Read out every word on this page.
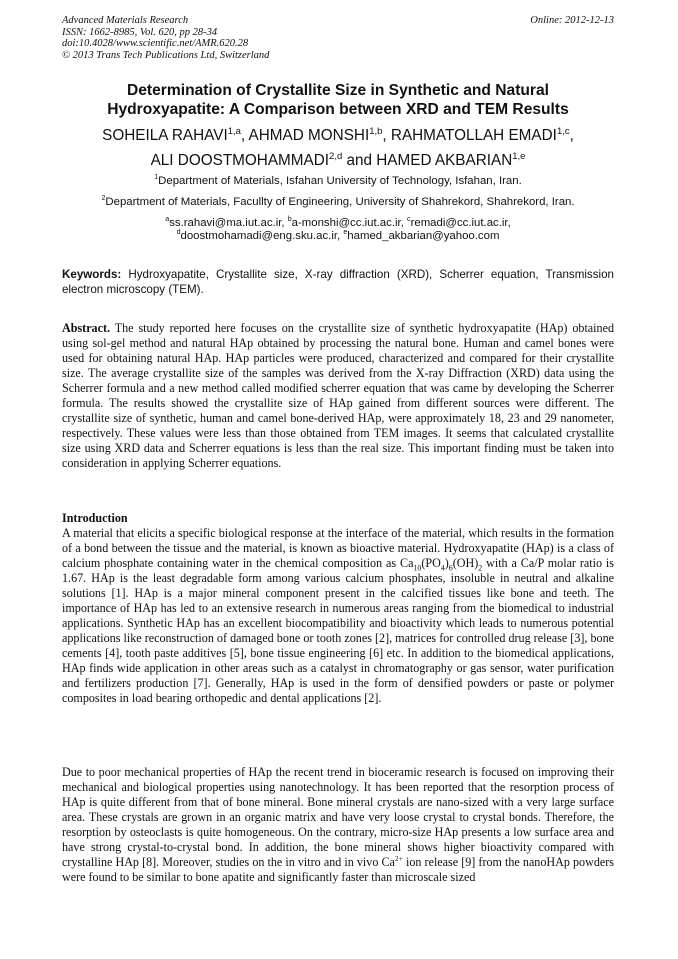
Advanced Materials Research
ISSN: 1662-8985, Vol. 620, pp 28-34
doi:10.4028/www.scientific.net/AMR.620.28
© 2013 Trans Tech Publications Ltd, Switzerland
Online: 2012-12-13
Determination of Crystallite Size in Synthetic and Natural
Hydroxyapatite: A Comparison between XRD and TEM Results
SOHEILA RAHAVI$^{1,a}$, AHMAD MONSHI$^{1,b}$, RAHMATOLLAH EMADI$^{1,c}$,
ALI DOOSTMOHAMMADI$^{2,d}$ and HAMED AKBARIAN$^{1,e}$
$^1$Department of Materials, Isfahan University of Technology, Isfahan, Iran.
$^2$Department of Materials, Facullty of Engineering, University of Shahrekord, Shahrekord, Iran.
$^a$ss.rahavi@ma.iut.ac.ir, $^b$a-monshi@cc.iut.ac.ir, $^c$remadi@cc.iut.ac.ir,
$^d$doostmohamadi@eng.sku.ac.ir, $^e$hamed_akbarian@yahoo.com
Keywords: Hydroxyapatite, Crystallite size, X-ray diffraction (XRD), Scherrer equation, Transmission electron microscopy (TEM).
Abstract. The study reported here focuses on the crystallite size of synthetic hydroxyapatite (HAp) obtained using sol-gel method and natural HAp obtained by processing the natural bone. Human and camel bones were used for obtaining natural HAp. HAp particles were produced, characterized and compared for their crystallite size. The average crystallite size of the samples was derived from the X-ray Diffraction (XRD) data using the Scherrer formula and a new method called modified scherrer equation that was came by developing the Scherrer formula. The results showed the crystallite size of HAp gained from different sources were different. The crystallite size of synthetic, human and camel bone-derived HAp, were approximately 18, 23 and 29 nanometer, respectively. These values were less than those obtained from TEM images. It seems that calculated crystallite size using XRD data and Scherrer equations is less than the real size. This important finding must be taken into consideration in applying Scherrer equations.
Introduction
A material that elicits a specific biological response at the interface of the material, which results in the formation of a bond between the tissue and the material, is known as bioactive material. Hydroxyapatite (HAp) is a class of calcium phosphate containing water in the chemical composition as $Ca_{10}(PO_4)_6(OH)_2$ with a Ca/P molar ratio is 1.67. HAp is the least degradable form among various calcium phosphates, insoluble in neutral and alkaline solutions [1]. HAp is a major mineral component present in the calcified tissues like bone and teeth. The importance of HAp has led to an extensive research in numerous areas ranging from the biomedical to industrial applications. Synthetic HAp has an excellent biocompatibility and bioactivity which leads to numerous potential applications like reconstruction of damaged bone or tooth zones [2], matrices for controlled drug release [3], bone cements [4], tooth paste additives [5], bone tissue engineering [6] etc. In addition to the biomedical applications, HAp finds wide application in other areas such as a catalyst in chromatography or gas sensor, water purification and fertilizers production [7]. Generally, HAp is used in the form of densified powders or paste or polymer composites in load bearing orthopedic and dental applications [2].
Due to poor mechanical properties of HAp the recent trend in bioceramic research is focused on improving their mechanical and biological properties using nanotechnology. It has been reported that the resorption process of HAp is quite different from that of bone mineral. Bone mineral crystals are nano-sized with a very large surface area. These crystals are grown in an organic matrix and have very loose crystal to crystal bonds. Therefore, the resorption by osteoclasts is quite homogeneous. On the contrary, micro-size HAp presents a low surface area and have strong crystal-to-crystal bond. In addition, the bone mineral shows higher bioactivity compared with crystalline HAp [8]. Moreover, studies on the in vitro and in vivo $Ca^{2+}$ ion release [9] from the nanoHAp powders were found to be similar to bone apatite and significantly faster than microscale sized
